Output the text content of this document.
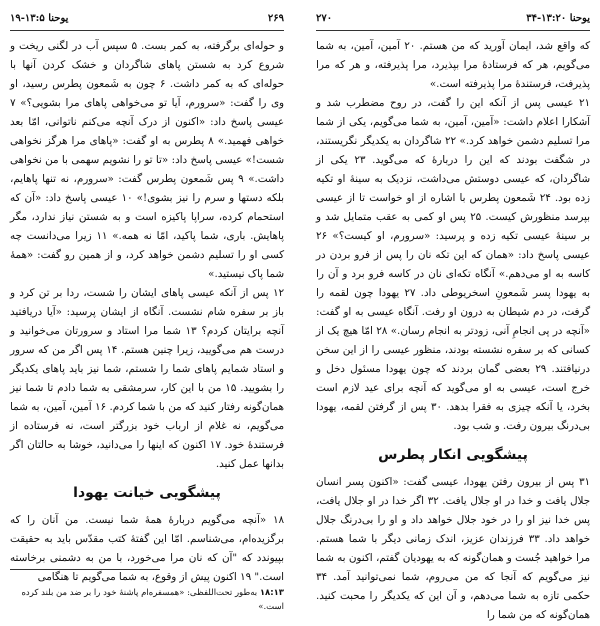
۲۶۹
یوحنا ۱۳:۵-۱۹

و حوله‌ای برگرفته، به کمر بست. ۵ سپس آب در لگنی ریخت و شروع کرد به شستن پاهای شاگردان و خشک کردن آنها با حوله‌ای که به کمر داشت. ۶ چون به شَمعون پطرس رسید، او وی را گفت: «سرورم، آیا تو می‌خواهی پاهای مرا بشویی؟» ۷ عیسی پاسخ داد: «اکنون از درک آنچه می‌کنم ناتوانی، امّا بعد خواهی فهمید.» ۸ پطرس به او گفت: «پاهای مرا هرگز نخواهی شست!» عیسی پاسخ داد: «تا تو را نشویم سهمی با من نخواهی داشت.» ۹ پس شَمعون پطرس گفت: «سرورم، نه تنها پاهایم، بلکه دستها و سرم را نیز بشوی!» ۱۰ عیسی پاسخ داد: «آن که استحمام کرده، سراپا پاکیزه است و به شستن نیاز ندارد، مگر پاهایش. باری، شما پاکید، امّا نه همه.» ۱۱ زیرا می‌دانست چه کسی او را تسلیم دشمن خواهد کرد، و از همین رو گفت: «همهٔ شما پاک نیستید.»

۱۲ پس از آنکه عیسی پاهای ایشان را شست، ردا بر تن کرد و باز بر سفره شام نشست. آنگاه از ایشان پرسید: «آیا دریافتید آنچه برایتان کردم؟ ۱۳ شما مرا استاد و سرورتان می‌خوانید و درست هم می‌گویید، زیرا چنین هستم. ۱۴ پس اگر من که سرور و استاد شمایم پاهای شما را شستم، شما نیز باید پاهای یکدیگر را بشویید. ۱۵ من با این کار، سرمشقی به شما دادم تا شما نیز همان‌گونه رفتار کنید که من با شما کردم. ۱۶ آمین، آمین، به شما می‌گویم، نه غلام از ارباب خود بزرگتر است، نه فرستاده از فرستندهٔ خود. ۱۷ اکنون که اینها را می‌دانید، خوشا به حالتان اگر بدانها عمل کنید.

پیشگویی خیانت یهودا

۱۸ «آنچه می‌گویم دربارهٔ همهٔ شما نیست. من آنان را که برگزیده‌ام، می‌شناسم. امّا این گفتهٔ کتب مقدّس باید به حقیقت بپیوندد که "آن که نان مرا می‌خورد، با من به دشمنی برخاسته است." ۱۹ اکنون پیش از وقوع، به شما می‌گویم تا هنگامی

۱۸:۱۳ به‌طور تحت‌اللفظی: «همسفره‌ام پاشنهٔ خود را بر ضد من بلند کرده است.»
یوحنا ۱۳:۲۰-۳۴
۲۷۰

که واقع شد، ایمان آورید که من هستم. ۲۰ آمین، آمین، به شما می‌گویم، هر که فرستادهٔ مرا بپذیرد، مرا پذیرفته، و هر که مرا پذیرفت، فرستندهٔ مرا پذیرفته است.»

۲۱ عیسی پس از آنکه این را گفت، در روح مضطرب شد و آشکارا اعلام داشت: «آمین، آمین، به شما می‌گویم، یکی از شما مرا تسلیم دشمن خواهد کرد.» ۲۲ شاگردان به یکدیگر نگریستند، در شگفت بودند که این را دربارهٔ که می‌گوید. ۲۳ یکی از شاگردان، که عیسی دوستش می‌داشت، نزدیک به سینهٔ او تکیه زده بود. ۲۴ شَمعون پطرس با اشاره از او خواست تا از عیسی بپرسد منظورش کیست. ۲۵ پس او کمی به عقب متمایل شد و بر سینهٔ عیسی تکیه زده و پرسید: «سرورم، او کیست؟» ۲۶ عیسی پاسخ داد: «همان که این تکه نان را پس از فرو بردن در کاسه به او می‌دهم.» آنگاه تکه‌ای نان در کاسه فرو برد و آن را به یهودا پسر شَمعونِ اسخریوطی داد. ۲۷ یهودا چون لقمه را گرفت، در دم شیطان به درون او رفت. آنگاه عیسی به او گفت: «آنچه در پی انجامِ آنی، زودتر به انجام رسان.» ۲۸ امّا هیچ یک از کسانی که بر سفره نشسته بودند، منظور عیسی را از این سخن درنیافتند. ۲۹ بعضی گمان بردند که چون یهودا مسئول دخل و خرج است، عیسی به او می‌گوید که آنچه برای عید لازم است بخرد، یا آنکه چیزی به فقرا بدهد. ۳۰ پس از گرفتن لقمه، یهودا بی‌درنگ بیرون رفت. و شب بود.

پیشگویی انکار پطرس

۳۱ پس از بیرون رفتن یهودا، عیسی گفت: «اکنون پسر انسان جلال یافت و خدا در او جلال یافت. ۳۲ اگر خدا در او جلال یافت، پس خدا نیز او را در خود جلال خواهد داد و او را بی‌درنگ جلال خواهد داد. ۳۳ فرزندان عزیز، اندک زمانی دیگر با شما هستم. مرا خواهید جُست و همان‌گونه که به یهودیان گفتم، اکنون به شما نیز می‌گویم که آنجا که من می‌روم، شما نمی‌توانید آمد. ۳۴ حکمی تازه به شما می‌دهم، و آن این که یکدیگر را محبت کنید. همان‌گونه که من شما را
